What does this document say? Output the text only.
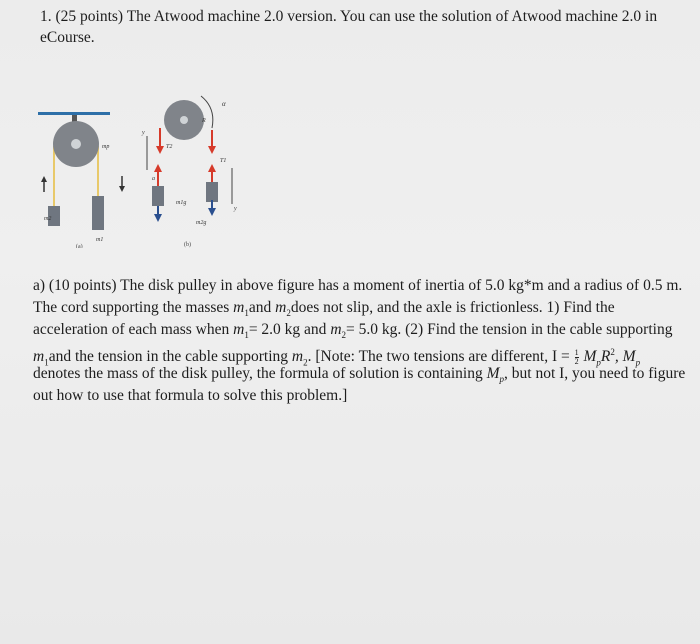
1. (25 points) The Atwood machine 2.0 version. You can use the solution of Atwood machine 2.0 in eCourse.
mp
m2
m1
(a)
R
α
T2
T1
y
a
m1g
m2g
y
(b)
a) (10 points) The disk pulley in above figure has a moment of inertia of 5.0 kg*m and a radius of 0.5 m.
The cord supporting the masses $m_1and$ $m_2does$ not slip, and the axle is frictionless. 1) Find the
acceleration of each mass when $m_1= 2.0$ kg and $m_2= 5.0$ kg. (2) Find the tension in the cable supporting
$m_1and$ the tension in the cable supporting $m_2$. [Note: The two tensions are different, $I = \frac{1}{2} M_pR^2$, $M_p$
denotes the mass of the disk pulley, the formula of solution is containing $M_p$, but not I, you need to figure
out how to use that formula to solve this problem.]
